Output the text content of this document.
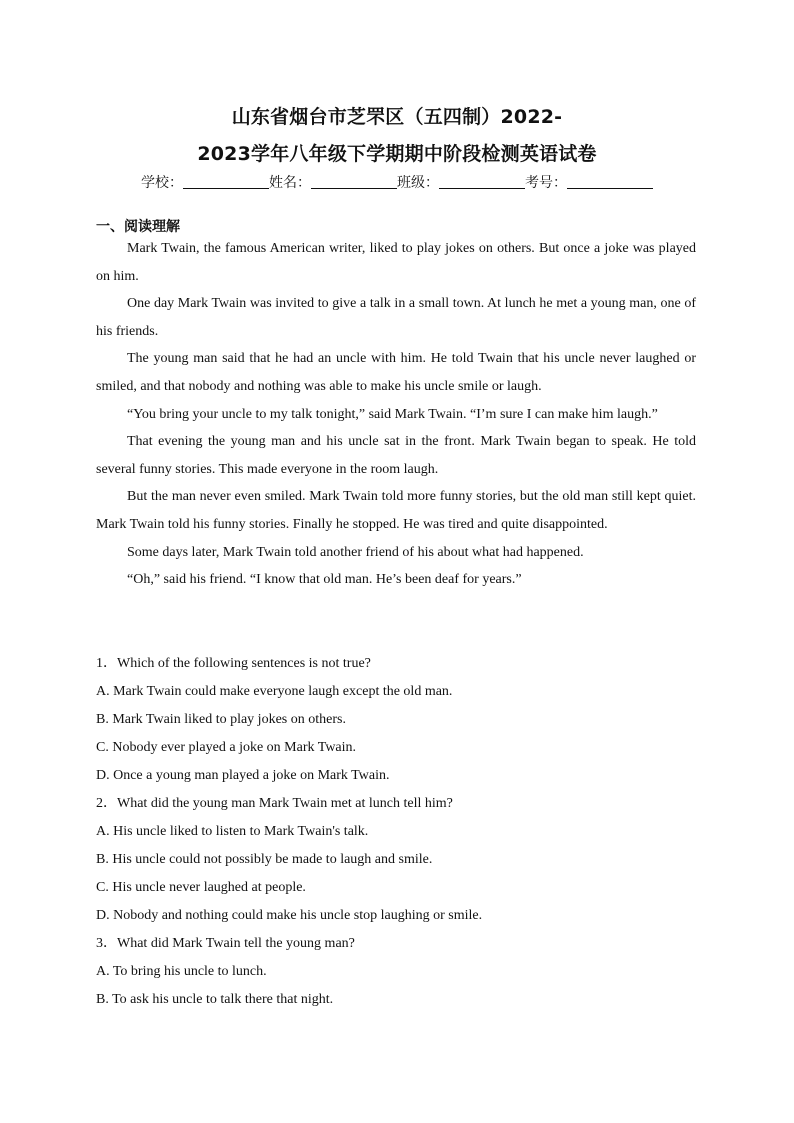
山东省烟台市芝罘区（五四制）2022-
2023学年八年级下学期期中阶段检测英语试卷
学校：	姓名：	班级：	考号：
一、阅读理解

Mark Twain, the famous American writer, liked to play jokes on others. But once a joke was played on him.

One day Mark Twain was invited to give a talk in a small town. At lunch he met a young man, one of his friends.

The young man said that he had an uncle with him. He told Twain that his uncle never laughed or smiled, and that nobody and nothing was able to make his uncle smile or laugh.

“You bring your uncle to my talk tonight,” said Mark Twain. “I’m sure I can make him laugh.”

That evening the young man and his uncle sat in the front. Mark Twain began to speak. He told several funny stories. This made everyone in the room laugh.

But the man never even smiled. Mark Twain told more funny stories, but the old man still kept quiet. Mark Twain told his funny stories. Finally he stopped. He was tired and quite disappointed.

Some days later, Mark Twain told another friend of his about what had happened.

“Oh,” said his friend. “I know that old man. He’s been deaf for years.”

1．Which of the following sentences is not true?
A. Mark Twain could make everyone laugh except the old man.
B. Mark Twain liked to play jokes on others.
C. Nobody ever played a joke on Mark Twain.
D. Once a young man played a joke on Mark Twain.
2．What did the young man Mark Twain met at lunch tell him?
A. His uncle liked to listen to Mark Twain's talk.
B. His uncle could not possibly be made to laugh and smile.
C. His uncle never laughed at people.
D. Nobody and nothing could make his uncle stop laughing or smile.
3．What did Mark Twain tell the young man?
A. To bring his uncle to lunch.
B. To ask his uncle to talk there that night.
